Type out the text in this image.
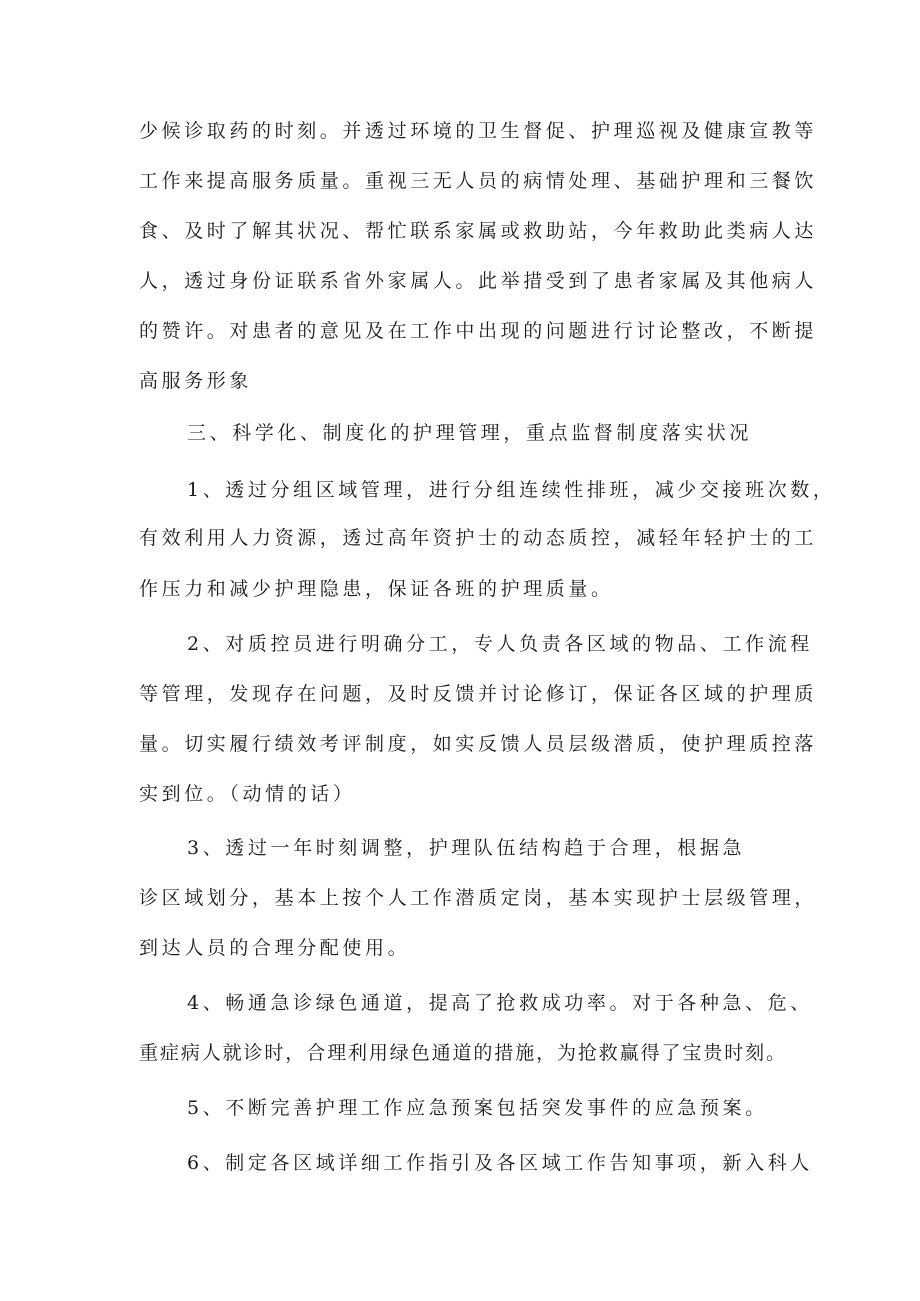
少候诊取药的时刻。并透过环境的卫生督促、护理巡视及健康宣教等
工作来提高服务质量。重视三无人员的病情处理、基础护理和三餐饮
食、及时了解其状况、帮忙联系家属或救助站，今年救助此类病人达
人，透过身份证联系省外家属人。此举措受到了患者家属及其他病人
的赞许。对患者的意见及在工作中出现的问题进行讨论整改，不断提
高服务形象
三、科学化、制度化的护理管理，重点监督制度落实状况
1、透过分组区域管理，进行分组连续性排班，减少交接班次数，
有效利用人力资源，透过高年资护士的动态质控，减轻年轻护士的工
作压力和减少护理隐患，保证各班的护理质量。
2、对质控员进行明确分工，专人负责各区域的物品、工作流程
等管理，发现存在问题，及时反馈并讨论修订，保证各区域的护理质
量。切实履行绩效考评制度，如实反馈人员层级潜质，使护理质控落
实到位。（动情的话）
3、透过一年时刻调整，护理队伍结构趋于合理，根据急
诊区域划分，基本上按个人工作潜质定岗，基本实现护士层级管理，
到达人员的合理分配使用。
4、畅通急诊绿色通道，提高了抢救成功率。对于各种急、危、
重症病人就诊时，合理利用绿色通道的措施，为抢救赢得了宝贵时刻。
5、不断完善护理工作应急预案包括突发事件的应急预案。
6、制定各区域详细工作指引及各区域工作告知事项，新入科人
